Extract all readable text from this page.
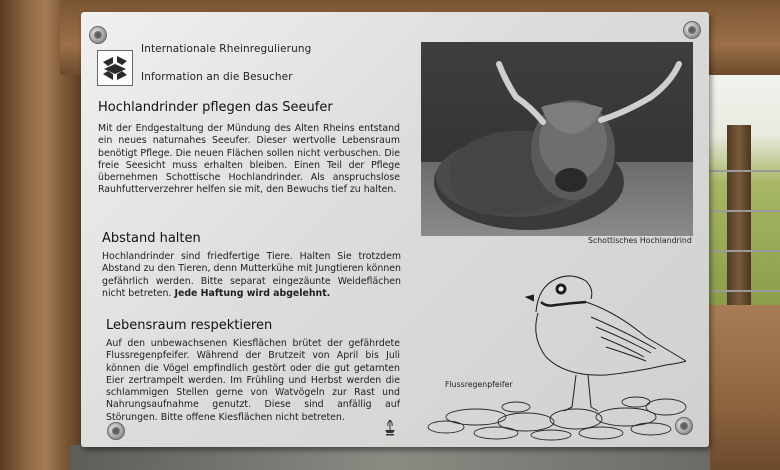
Internationale Rheinregulierung
Information an die Besucher
Hochlandrinder pflegen das Seeufer

Mit der Endgestaltung der Mündung des Alten Rheins entstand ein neues naturnahes Seeufer. Dieser wertvolle Lebensraum benötigt Pflege. Die neuen Flächen sollen nicht verbuschen. Die freie Seesicht muss erhalten bleiben. Einen Teil der Pflege übernehmen Schottische Hochlandrinder. Als anspruchslose Rauhfutterverzehrer helfen sie mit, den Bewuchs tief zu halten.

Abstand halten

Hochlandrinder sind friedfertige Tiere. Halten Sie trotzdem Abstand zu den Tieren, denn Mutterkühe mit Jungtieren können gefährlich werden. Bitte separat eingezäunte Weideflächen nicht betreten. Jede Haftung wird abgelehnt.

Lebensraum respektieren

Auf den unbewachsenen Kiesflächen brütet der gefährdete Flussregenpfeifer. Während der Brutzeit von April bis Juli können die Vögel empfindlich gestört oder die gut getarnten Eier zertrampelt werden. Im Frühling und Herbst werden die schlammigen Stellen gerne von Watvögeln zur Rast und Nahrungsaufnahme genutzt. Diese sind anfällig auf Störungen. Bitte offene Kiesflächen nicht betreten.

Schottisches Hochlandrind
Flussregenpfeifer
